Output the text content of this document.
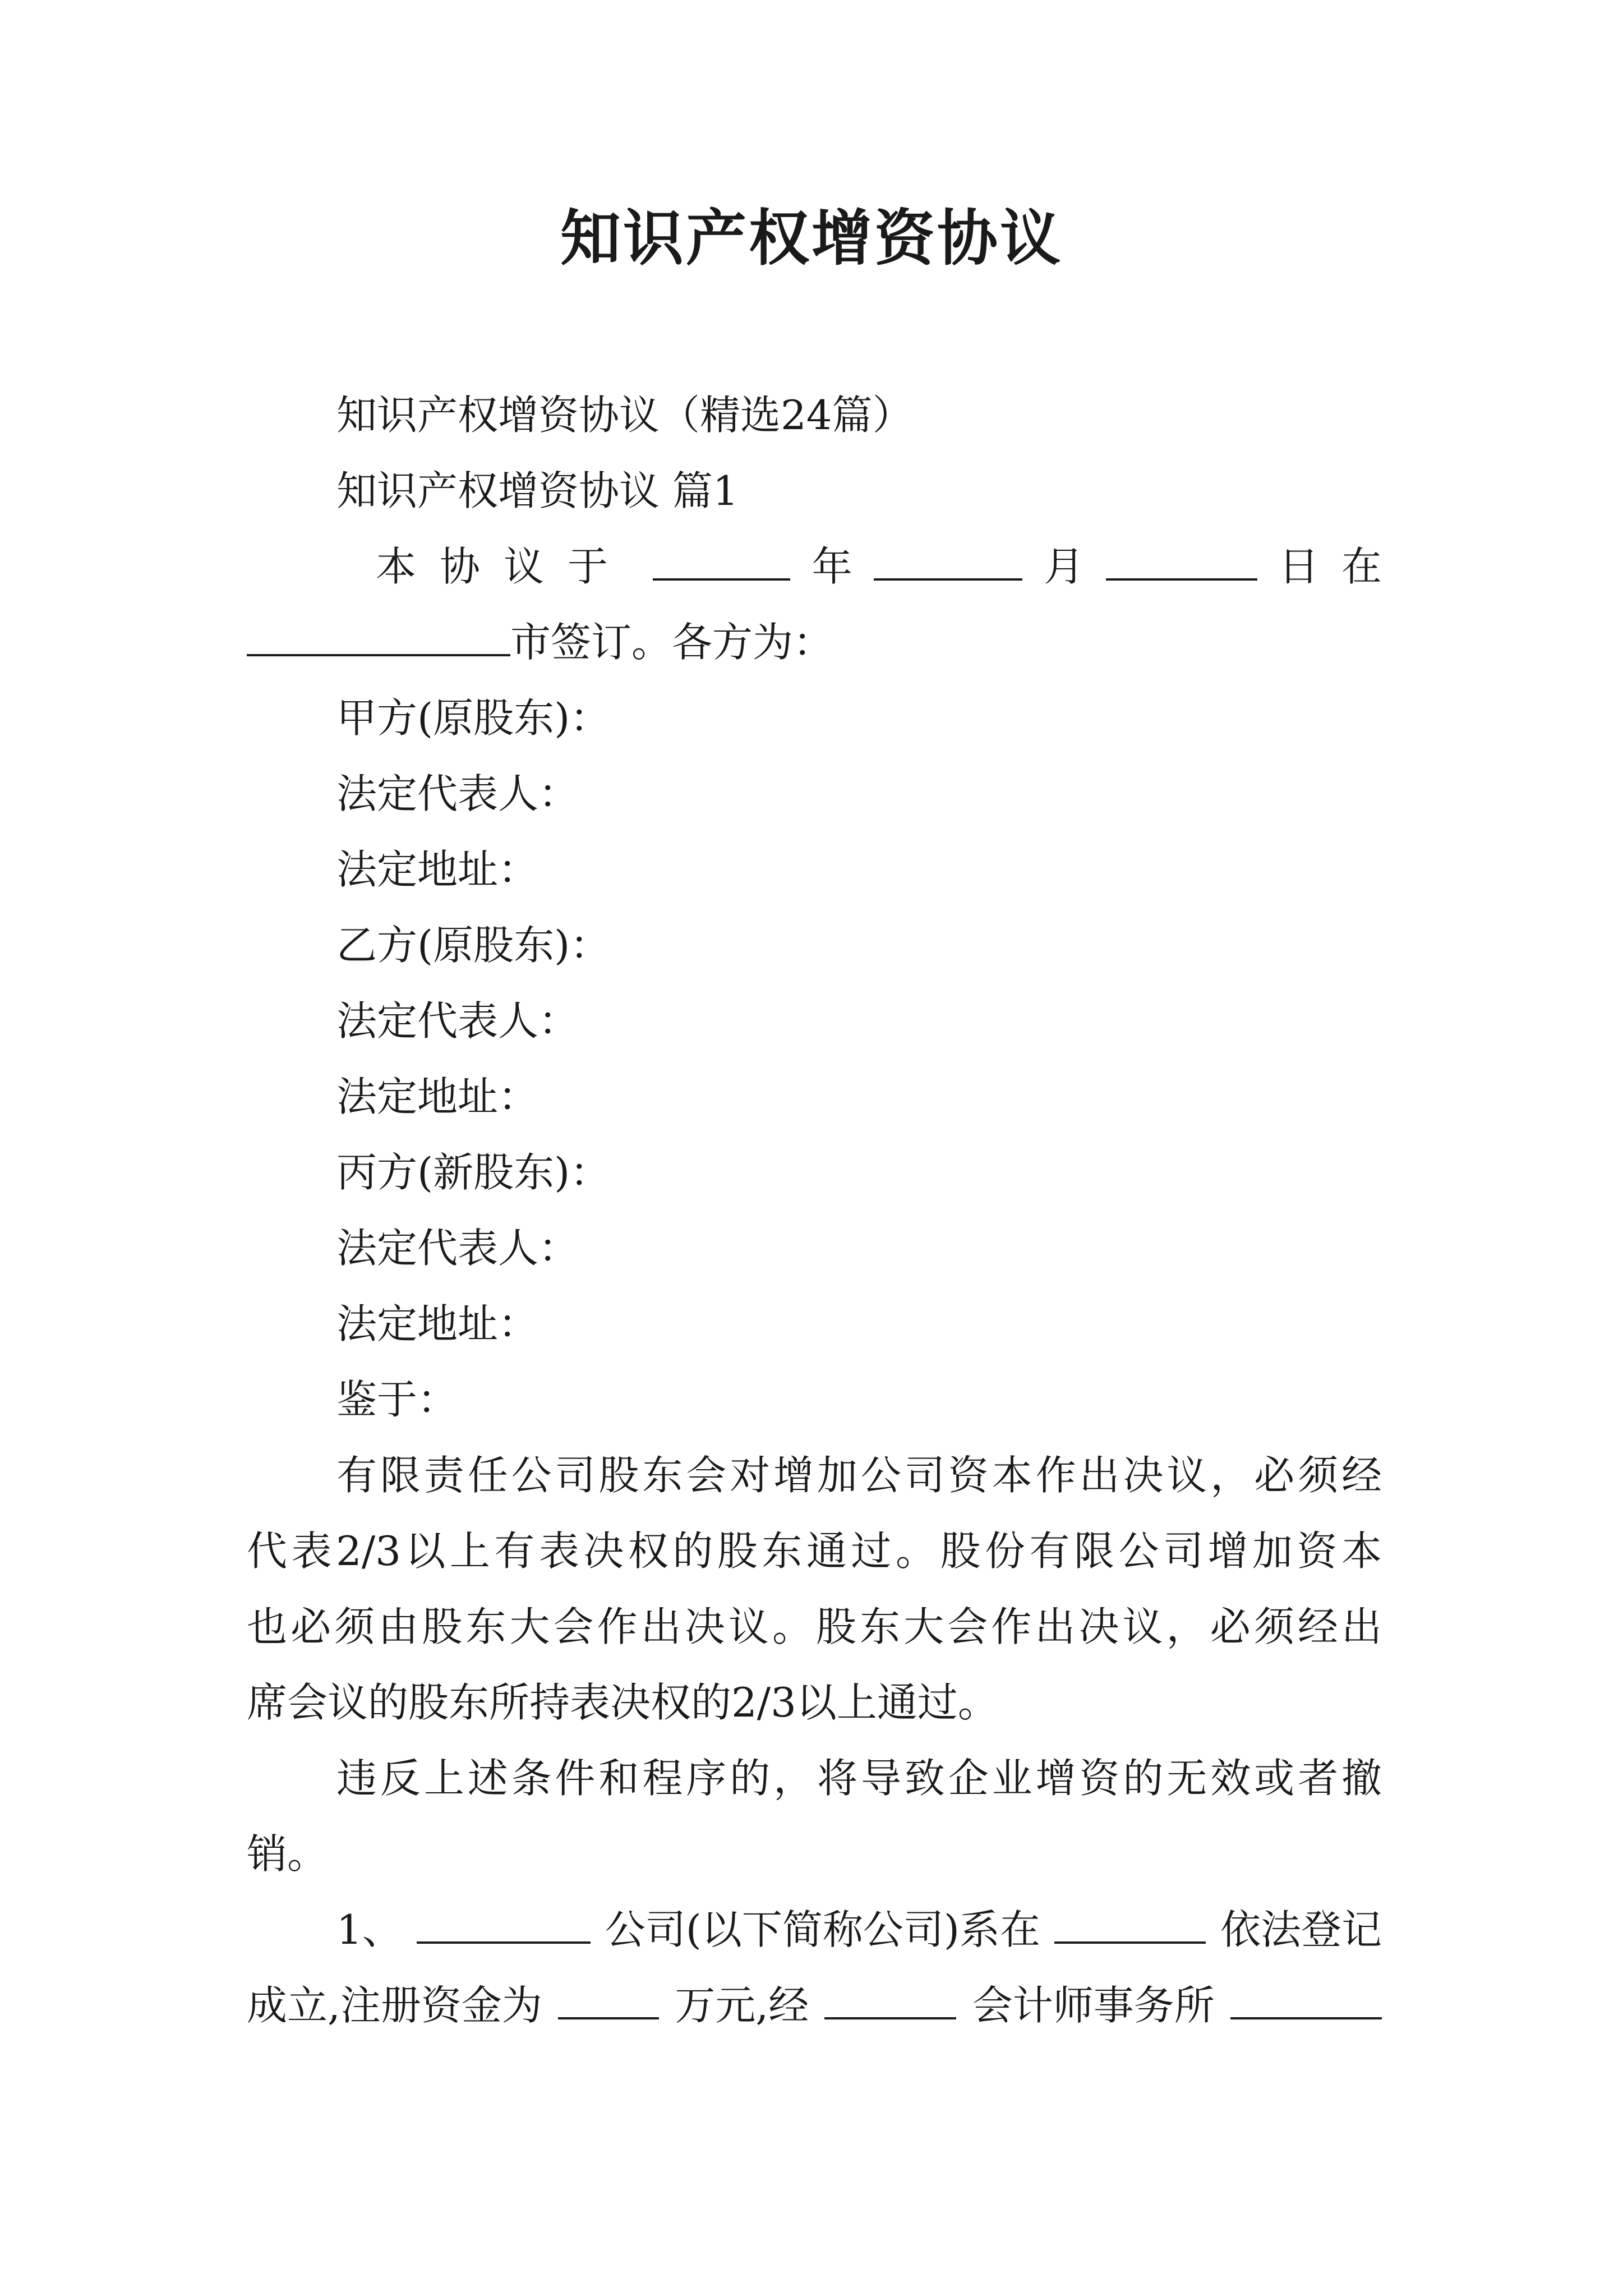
知识产权增资协议
知识产权增资协议（精选24篇）
知识产权增资协议 篇1
本协议于	年	月	日在
市签订。各方为：
甲方(原股东)：
法定代表人：
法定地址：
乙方(原股东)：
法定代表人：
法定地址：
丙方(新股东)：
法定代表人：
法定地址：
鉴于：
有限责任公司股东会对增加公司资本作出决议，必须经
代表2/3以上有表决权的股东通过。股份有限公司增加资本
也必须由股东大会作出决议。股东大会作出决议，必须经出
席会议的股东所持表决权的2/3以上通过。
违反上述条件和程序的，将导致企业增资的无效或者撤
销。
1、	公司(以下简称公司)系在	依法登记
成立,注册资金为	万元,经	会计师事务所
